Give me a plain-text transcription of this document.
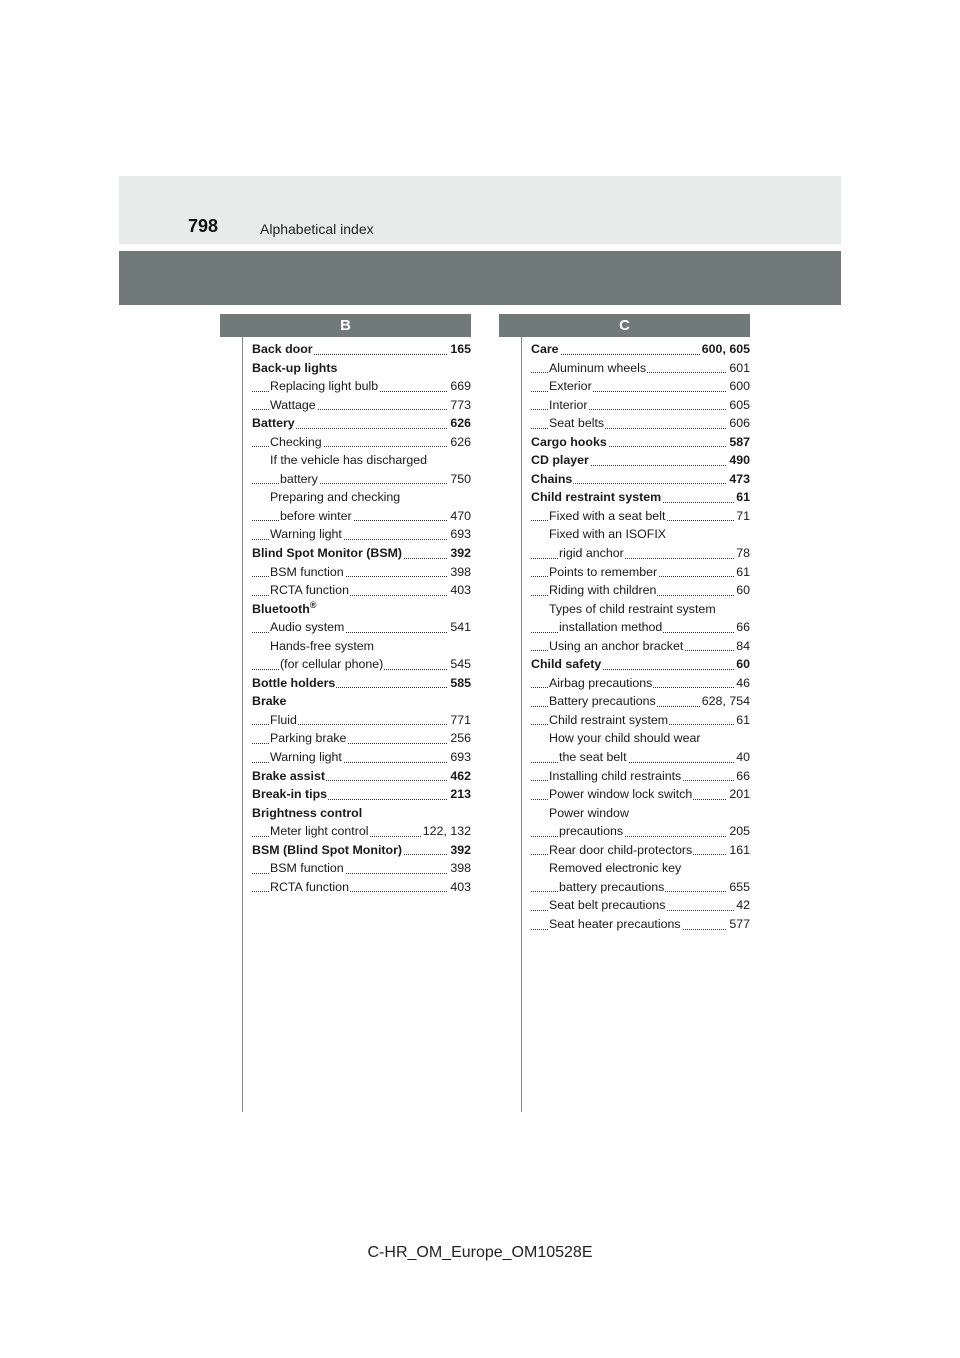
798	Alphabetical index
B	C
Back door	165
Back-up lights
Replacing light bulb	669
Wattage	773
Battery	626
Checking	626
If the vehicle has discharged
battery	750
Preparing and checking
before winter	470
Warning light	693
Blind Spot Monitor (BSM)	392
BSM function	398
RCTA function	403
Bluetooth®
Audio system	541
Hands-free system
(for cellular phone)	545
Bottle holders	585
Brake
Fluid	771
Parking brake	256
Warning light	693
Brake assist	462
Break-in tips	213
Brightness control
Meter light control	122, 132
BSM (Blind Spot Monitor)	392
BSM function	398
RCTA function	403
Care	600, 605
Aluminum wheels	601
Exterior	600
Interior	605
Seat belts	606
Cargo hooks	587
CD player	490
Chains	473
Child restraint system	61
Fixed with a seat belt	71
Fixed with an ISOFIX
rigid anchor	78
Points to remember	61
Riding with children	60
Types of child restraint system
installation method	66
Using an anchor bracket	84
Child safety	60
Airbag precautions	46
Battery precautions	628, 754
Child restraint system	61
How your child should wear
the seat belt	40
Installing child restraints	66
Power window lock switch	201
Power window
precautions	205
Rear door child-protectors	161
Removed electronic key
battery precautions	655
Seat belt precautions	42
Seat heater precautions	577
C-HR_OM_Europe_OM10528E
